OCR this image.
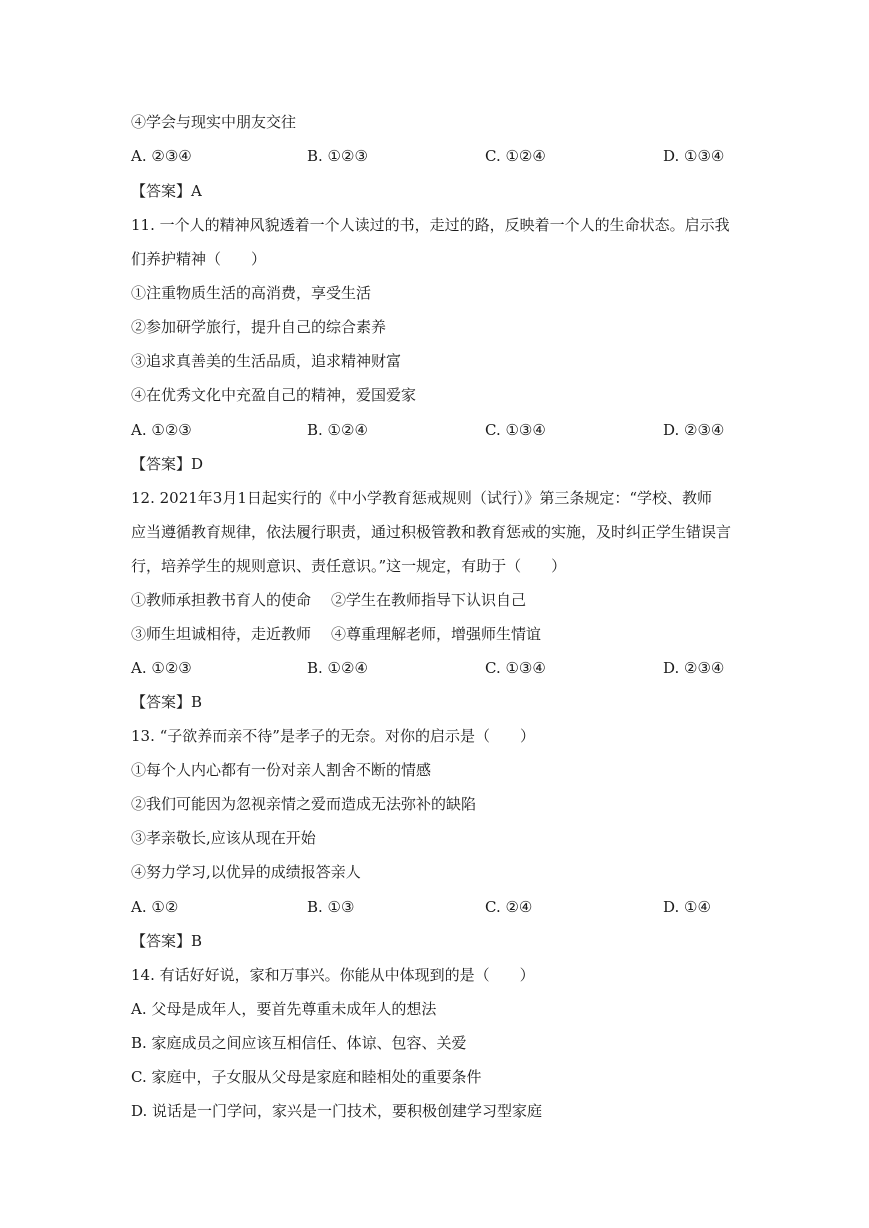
④学会与现实中朋友交往
A. ②③④	B. ①②③	C. ①②④	D. ①③④
【答案】A
11. 一个人的精神风貌透着一个人读过的书，走过的路，反映着一个人的生命状态。启示我
们养护精神（　　）
①注重物质生活的高消费，享受生活
②参加研学旅行，提升自己的综合素养
③追求真善美的生活品质，追求精神财富
④在优秀文化中充盈自己的精神，爱国爱家
A. ①②③	B. ①②④	C. ①③④	D. ②③④
【答案】D
12. 2021年3月1日起实行的《中小学教育惩戒规则（试行）》第三条规定：“学校、教师
应当遵循教育规律，依法履行职责，通过积极管教和教育惩戒的实施，及时纠正学生错误言
行，培养学生的规则意识、责任意识。”这一规定，有助于（　　）
①教师承担教书育人的使命 ②学生在教师指导下认识自己
③师生坦诚相待，走近教师 ④尊重理解老师，增强师生情谊
A. ①②③	B. ①②④	C. ①③④	D. ②③④
【答案】B
13. “子欲养而亲不待”是孝子的无奈。对你的启示是（　　）
①每个人内心都有一份对亲人割舍不断的情感
②我们可能因为忽视亲情之爱而造成无法弥补的缺陷
③孝亲敬长,应该从现在开始
④努力学习,以优异的成绩报答亲人
A. ①②	B. ①③	C. ②④	D. ①④
【答案】B
14. 有话好好说，家和万事兴。你能从中体现到的是（　　）
A. 父母是成年人，要首先尊重未成年人的想法
B. 家庭成员之间应该互相信任、体谅、包容、关爱
C. 家庭中，子女服从父母是家庭和睦相处的重要条件
D. 说话是一门学问，家兴是一门技术，要积极创建学习型家庭
